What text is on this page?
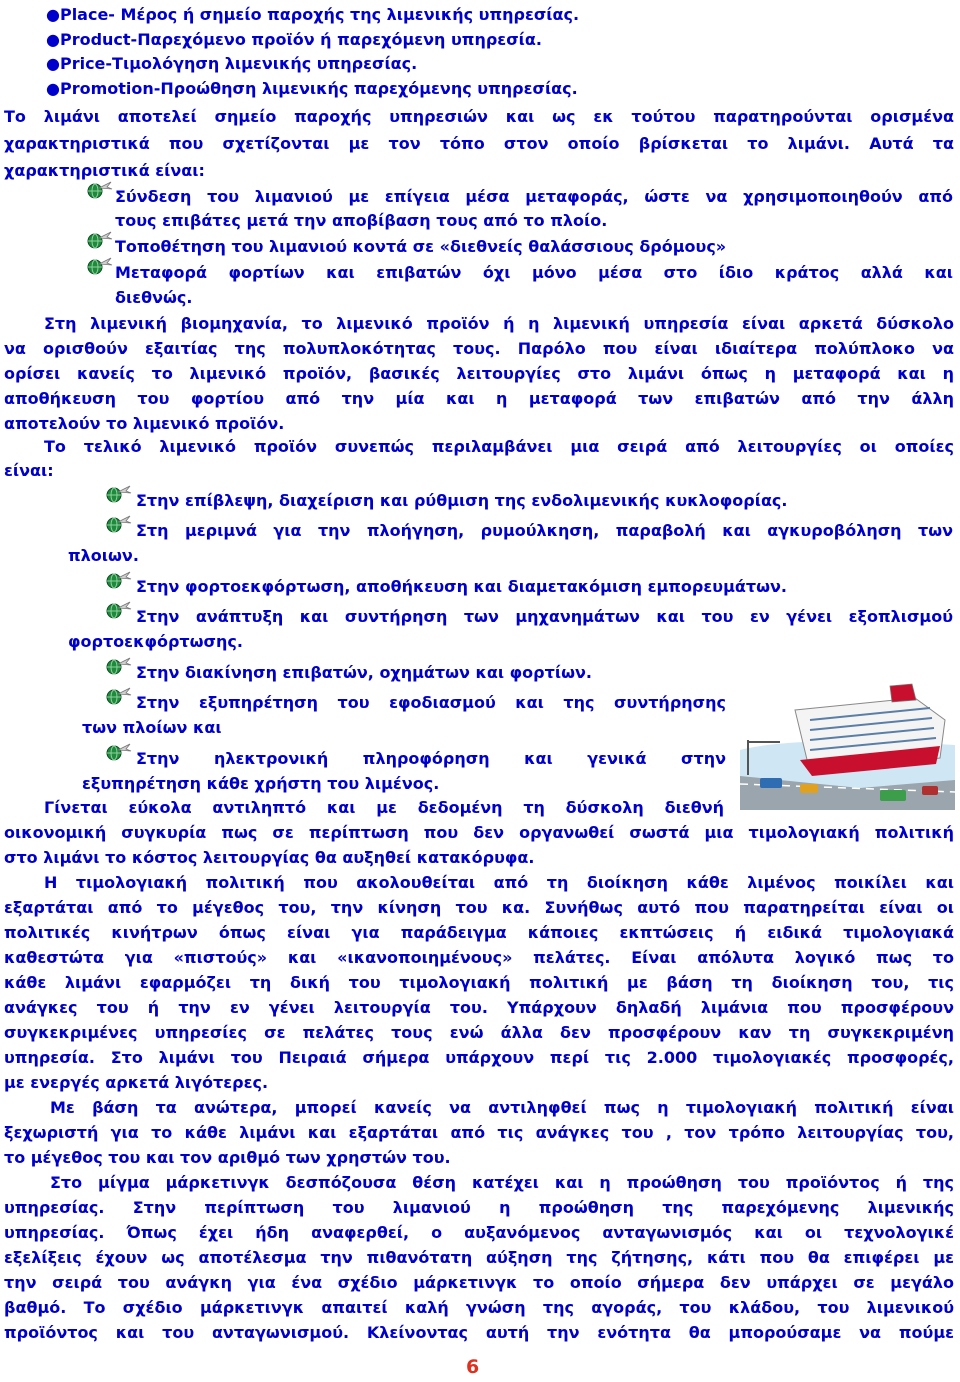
●Place- Μέρος ή σημείο παροχής της λιμενικής υπηρεσίας.
●Product-Παρεχόμενο προϊόν ή παρεχόμενη υπηρεσία.
●Price-Τιμολόγηση λιμενικής υπηρεσίας.
●Promotion-Προώθηση λιμενικής παρεχόμενης υπηρεσίας.
Το λιμάνι αποτελεί σημείο παροχής υπηρεσιών και ως εκ τούτου παρατηρούνται ορισμένα
χαρακτηριστικά που σχετίζονται με τον τόπο στον οποίο βρίσκεται το λιμάνι. Αυτά τα
χαρακτηριστικά είναι:
Σύνδεση του λιμανιού με επίγεια μέσα μεταφοράς, ώστε να χρησιμοποιηθούν από
τους επιβάτες μετά την αποβίβαση τους από το πλοίο.
Τοποθέτηση του λιμανιού κοντά σε «διεθνείς θαλάσσιους δρόμους»
Μεταφορά φορτίων και επιβατών όχι μόνο μέσα στο ίδιο κράτος αλλά και
διεθνώς.
Στη λιμενική βιομηχανία, το λιμενικό προϊόν ή η λιμενική υπηρεσία είναι αρκετά δύσκολο
να ορισθούν εξαιτίας της πολυπλοκότητας τους. Παρόλο που είναι ιδιαίτερα πολύπλοκο να
ορίσει κανείς το λιμενικό προϊόν, βασικές λειτουργίες στο λιμάνι όπως η μεταφορά και η
αποθήκευση του φορτίου από την μία και η μεταφορά των επιβατών από την άλλη
αποτελούν το λιμενικό προϊόν.
Το τελικό λιμενικό προϊόν συνεπώς περιλαμβάνει μια σειρά από λειτουργίες οι οποίες
είναι:
Στην επίβλεψη, διαχείριση και ρύθμιση της ενδολιμενικής κυκλοφορίας.
Στη μεριμνά για την πλοήγηση, ρυμούλκηση, παραβολή και αγκυροβόληση των
πλοιων.
Στην φορτοεκφόρτωση, αποθήκευση και διαμετακόμιση εμπορευμάτων.
Στην ανάπτυξη και συντήρηση των μηχανημάτων και του εν γένει εξοπλισμού
φορτοεκφόρτωσης.
Στην διακίνηση επιβατών, οχημάτων και φορτίων.
Στην εξυπηρέτηση του εφοδιασμού και της συντήρησης
των πλοίων και
Στην ηλεκτρονική πληροφόρηση και γενικά στην
εξυπηρέτηση κάθε χρήστη του λιμένος.
Γίνεται εύκολα αντιληπτό και με δεδομένη τη δύσκολη διεθνή
οικονομική συγκυρία πως σε περίπτωση που δεν οργανωθεί σωστά μια τιμολογιακή πολιτική
στο λιμάνι το κόστος λειτουργίας θα αυξηθεί κατακόρυφα.
Η τιμολογιακή πολιτική που ακολουθείται από τη διοίκηση κάθε λιμένος ποικίλει και
εξαρτάται από το μέγεθος του, την κίνηση του κα. Συνήθως αυτό που παρατηρείται είναι οι
πολιτικές κινήτρων όπως είναι για παράδειγμα κάποιες εκπτώσεις ή ειδικά τιμολογιακά
καθεστώτα για «πιστούς» και «ικανοποιημένους» πελάτες. Είναι απόλυτα λογικό πως το
κάθε λιμάνι εφαρμόζει τη δική του τιμολογιακή πολιτική με βάση τη διοίκηση του, τις
ανάγκες του ή την εν γένει λειτουργία του. Υπάρχουν δηλαδή λιμάνια που προσφέρουν
συγκεκριμένες υπηρεσίες σε πελάτες τους ενώ άλλα δεν προσφέρουν καν τη συγκεκριμένη
υπηρεσία. Στο λιμάνι του Πειραιά σήμερα υπάρχουν περί τις 2.000 τιμολογιακές προσφορές,
με ενεργές αρκετά λιγότερες.
Με βάση τα ανώτερα, μπορεί κανείς να αντιληφθεί πως η τιμολογιακή πολιτική είναι
ξεχωριστή για το κάθε λιμάνι και εξαρτάται από τις ανάγκες του , τον τρόπο λειτουργίας του,
το μέγεθος του και τον αριθμό των χρηστών του.
Στο μίγμα μάρκετινγκ δεσπόζουσα θέση κατέχει και η προώθηση του προϊόντος ή της
υπηρεσίας. Στην περίπτωση του λιμανιού η προώθηση της παρεχόμενης λιμενικής
υπηρεσίας. Όπως έχει ήδη αναφερθεί, ο αυξανόμενος ανταγωνισμός και οι τεχνολογικέ
εξελίξεις έχουν ως αποτέλεσμα την πιθανότατη αύξηση της ζήτησης, κάτι που θα επιφέρει με
την σειρά του ανάγκη για ένα σχέδιο μάρκετινγκ το οποίο σήμερα δεν υπάρχει σε μεγάλο
βαθμό. Το σχέδιο μάρκετινγκ απαιτεί καλή γνώση της αγοράς, του κλάδου, του λιμενικού
προϊόντος και του ανταγωνισμού. Κλείνοντας αυτή την ενότητα θα μπορούσαμε να πούμε
6
